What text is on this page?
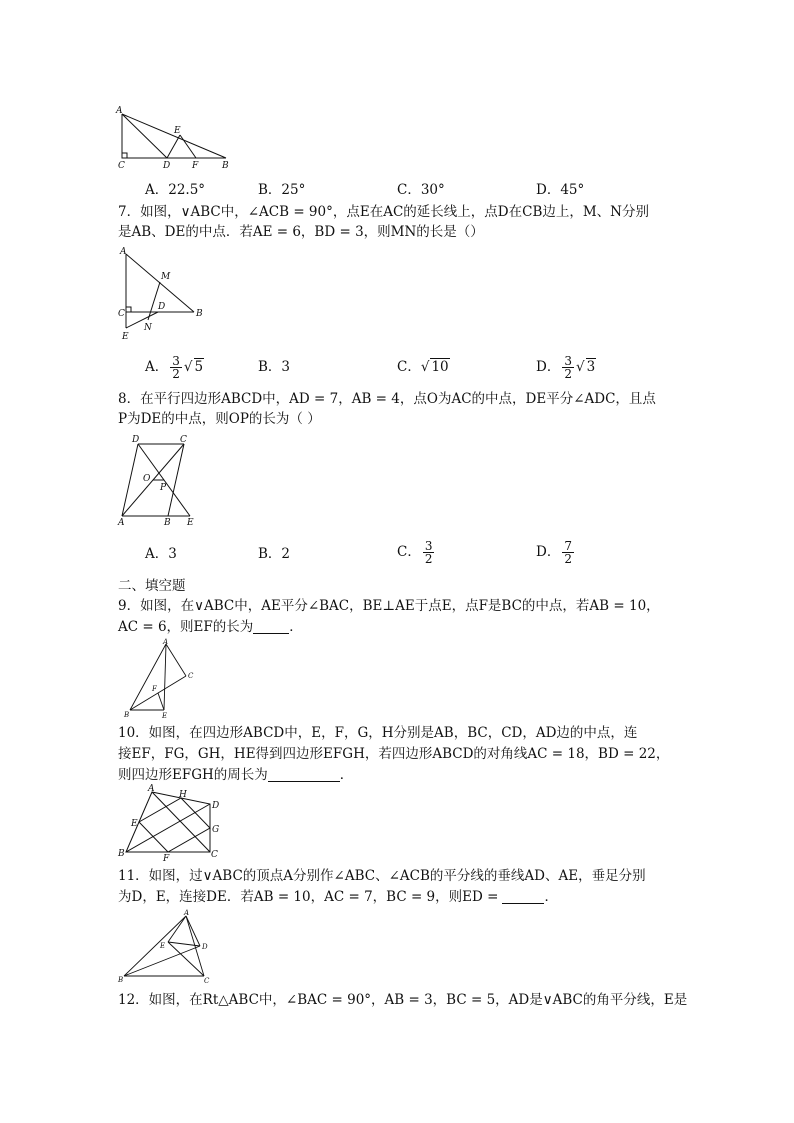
A
E
C	D F	B
A．22.5°	B．25°	C．30°	D．45°
7．如图，∨ABC中，∠ACB = 90°，点E在AC的延长线上，点D在CB边上，M、N分别
是AB、DE的中点．若AE = 6，BD = 3，则MN的长是（）
A
M
D
C
N
B
E
A． $\frac{3}{2}$ √ 5	B．3	C．√ 10	D． $\frac{3}{2}$ √ 3
8．在平行四边形ABCD中，AD = 7，AB = 4，点O为AC的中点，DE平分∠ADC，且点
P为DE的中点，则OP的长为（ ）
D	C
O
P
A	B E
A．3	B．2	C． $\frac{3}{2}$	D． $\frac{7}{2}$
二、填空题
9．如图，在∨ABC中，AE平分∠BAC，BE⊥AE于点E，点F是BC的中点，若AB = 10，
AC = 6，则EF的长为	．
A
C
F
B	E
10．如图，在四边形ABCD中，E，F，G，H分别是AB，BC，CD，AD边的中点，连
接EF，FG，GH，HE得到四边形EFGH，若四边形ABCD的对角线AC = 18，BD = 22，
则四边形EFGH的周长为	．
A
H
D
E
G
B	F	C
11．如图，过∨ABC的顶点A分别作∠ABC、∠ACB的平分线的垂线AD、AE，垂足分别
为D，E，连接DE．若AB = 10，AC = 7，BC = 9，则ED =	．
A
E	D
B	C
12．如图，在Rt△ABC中，∠BAC = 90°，AB = 3，BC = 5，AD是∨ABC的角平分线，E是
